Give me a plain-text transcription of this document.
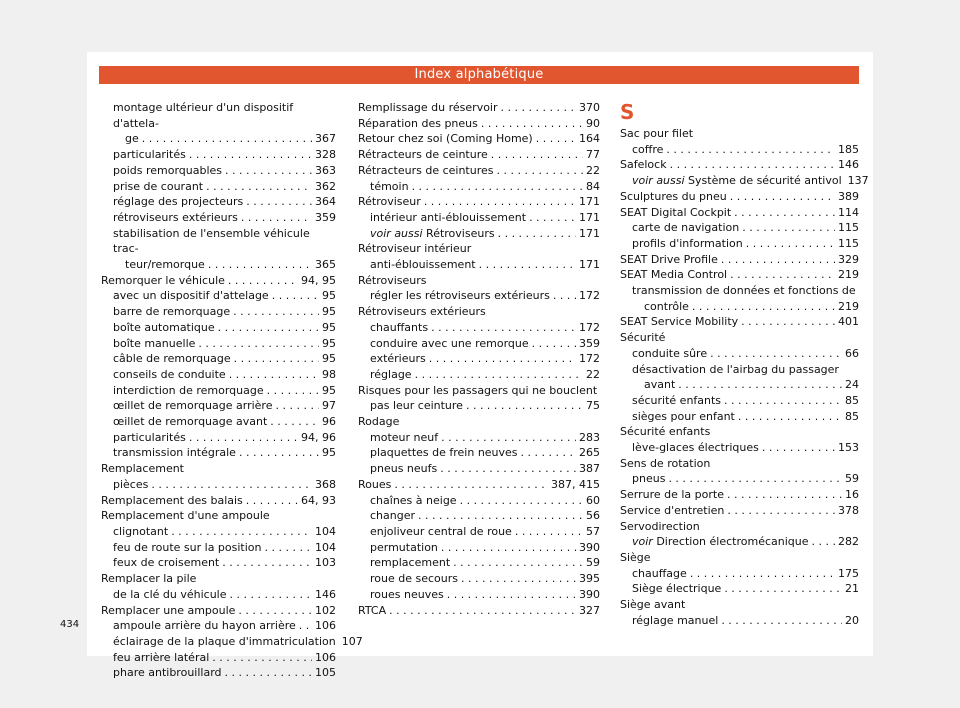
Index alphabétique
montage ultérieur d'un dispositif d'attela-
ge . . .	367
particularités . . .	328
poids remorquables . . .	363
prise de courant . . .	362
réglage des projecteurs . . .	364
rétroviseurs extérieurs . . .	359
stabilisation de l'ensemble véhicule trac-
teur/remorque . . .	365
Remorquer le véhicule . . .	94, 95
avec un dispositif d'attelage . . .	95
barre de remorquage . . .	95
boîte automatique . . .	95
boîte manuelle . . .	95
câble de remorquage . . .	95
conseils de conduite . . .	98
interdiction de remorquage . . .	95
œillet de remorquage arrière . . .	97
œillet de remorquage avant . . .	96
particularités . . .	94, 96
transmission intégrale . . .	95
Remplacement
pièces . . .	368
Remplacement des balais . . .	64, 93
Remplacement d'une ampoule
clignotant . . .	104
feu de route sur la position . . .	104
feux de croisement . . .	103
Remplacer la pile
de la clé du véhicule . . .	146
Remplacer une ampoule . . .	102
ampoule arrière du hayon arrière . . . 106
éclairage de la plaque d'immatriculation 107
feu arrière latéral . . .	106
phare antibrouillard . . .	105
Remplissage du réservoir . . .	370
Réparation des pneus . . .	90
Retour chez soi (Coming Home) . . .	164
Rétracteurs de ceinture . . .	77
Rétracteurs de ceintures . . .	22
témoin . . .	84
Rétroviseur . . .	171
intérieur anti-éblouissement . . .	171
voir aussi Rétroviseurs . . .	171
Rétroviseur intérieur
anti-éblouissement . . .	171
Rétroviseurs
régler les rétroviseurs extérieurs . . .	172
Rétroviseurs extérieurs
chauffants . . .	172
conduire avec une remorque . . .	359
extérieurs . . .	172
réglage . . .	22
Risques pour les passagers qui ne bouclent
pas leur ceinture . . .	75
Rodage
moteur neuf . . .	283
plaquettes de frein neuves . . .	265
pneus neufs . . .	387
Roues . . .	387, 415
chaînes à neige . . .	60
changer . . .	56
enjoliveur central de roue . . .	57
permutation . . .	390
remplacement . . .	59
roue de secours . . .	395
roues neuves . . .	390
RTCA . . .	327
S
Sac pour filet
coffre . . .	185
Safelock . . .	146
voir aussi Système de sécurité antivol 137
Sculptures du pneu . . .	389
SEAT Digital Cockpit . . .	114
carte de navigation . . .	115
profils d'information . . .	115
SEAT Drive Profile . . .	329
SEAT Media Control . . .	219
transmission de données et fonctions de
contrôle . . .	219
SEAT Service Mobility . . .	401
Sécurité
conduite sûre . . .	66
désactivation de l'airbag du passager
avant . . .	24
sécurité enfants . . .	85
sièges pour enfant . . .	85
Sécurité enfants
lève-glaces électriques . . .	153
Sens de rotation
pneus . . .	59
Serrure de la porte . . .	16
Service d'entretien . . .	378
Servodirection
voir Direction électromécanique . . .	282
Siège
chauffage . . .	175
Siège électrique . . .	21
Siège avant
réglage manuel . . .	20
434
